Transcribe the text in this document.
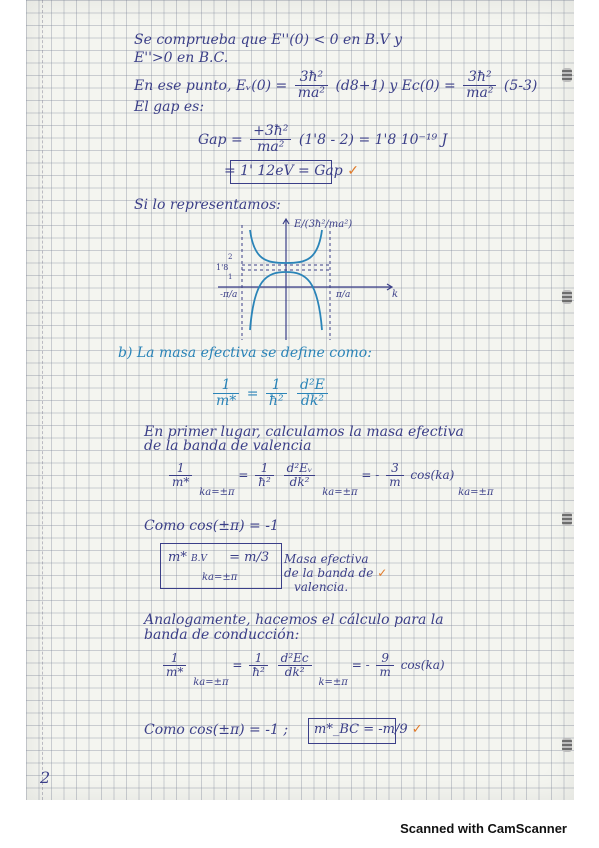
Se comprueba que E''(0) < 0 en B.V y
E''>0 en B.C.
En ese punto, Eᵥ(0) = $\frac{\text{3ħ²}}{\text{ma²}} (d8+1)$ y $Ec(0) = \frac{\text{3ħ²}}{\text{ma²}} (5-3)$
El gap es:
Gap = $\frac{\text{+3ħ²}}{\text{ma²}} (1'8 - 2) = 1'8$ 10⁻¹⁹ J
= 1' 12eV = Gap ✓
Si lo representamos:
E/(3ħ²/ma²)
2
1'8
1
-π/a	π/a	k
b) La masa efectiva se define como:
$\frac{1}{m*} = \frac{1}{\text{ħ²}}$
$\frac{\text{d²E}}{\text{dk²}}$
En primer lugar, calculamos la masa efectiva
de la banda de valencia
$\frac{1}{m*}$
$_{ka=\pm\pi} = \frac{1}{\text{ħ²}}$
$\frac{\text{d²Eᵥ}}{\text{dk²}}$
$_{ka=\pm\pi}$ = - $\frac{3}{m} \cos(ka)$ $_{ka=\pm\pi}$
Como cos(±π) = -1
m* B.V = m/3
ka=±π
Masa efectiva
de la banda de ✓
valencia.
Analogamente, hacemos el cálculo para la
banda de conducción:
$\frac{1}{m*}$
$_{ka=\pm\pi} = \frac{1}{\text{ħ²}}$
$\frac{\text{d²Ec}}{\text{dk²}}$
$_{k=\pm\pi}$ = - $\frac{9}{m} \cos(ka)$
Como cos(±π) = -1 ; m*_BC = -m/9 ✓
2
Scanned with CamScanner
